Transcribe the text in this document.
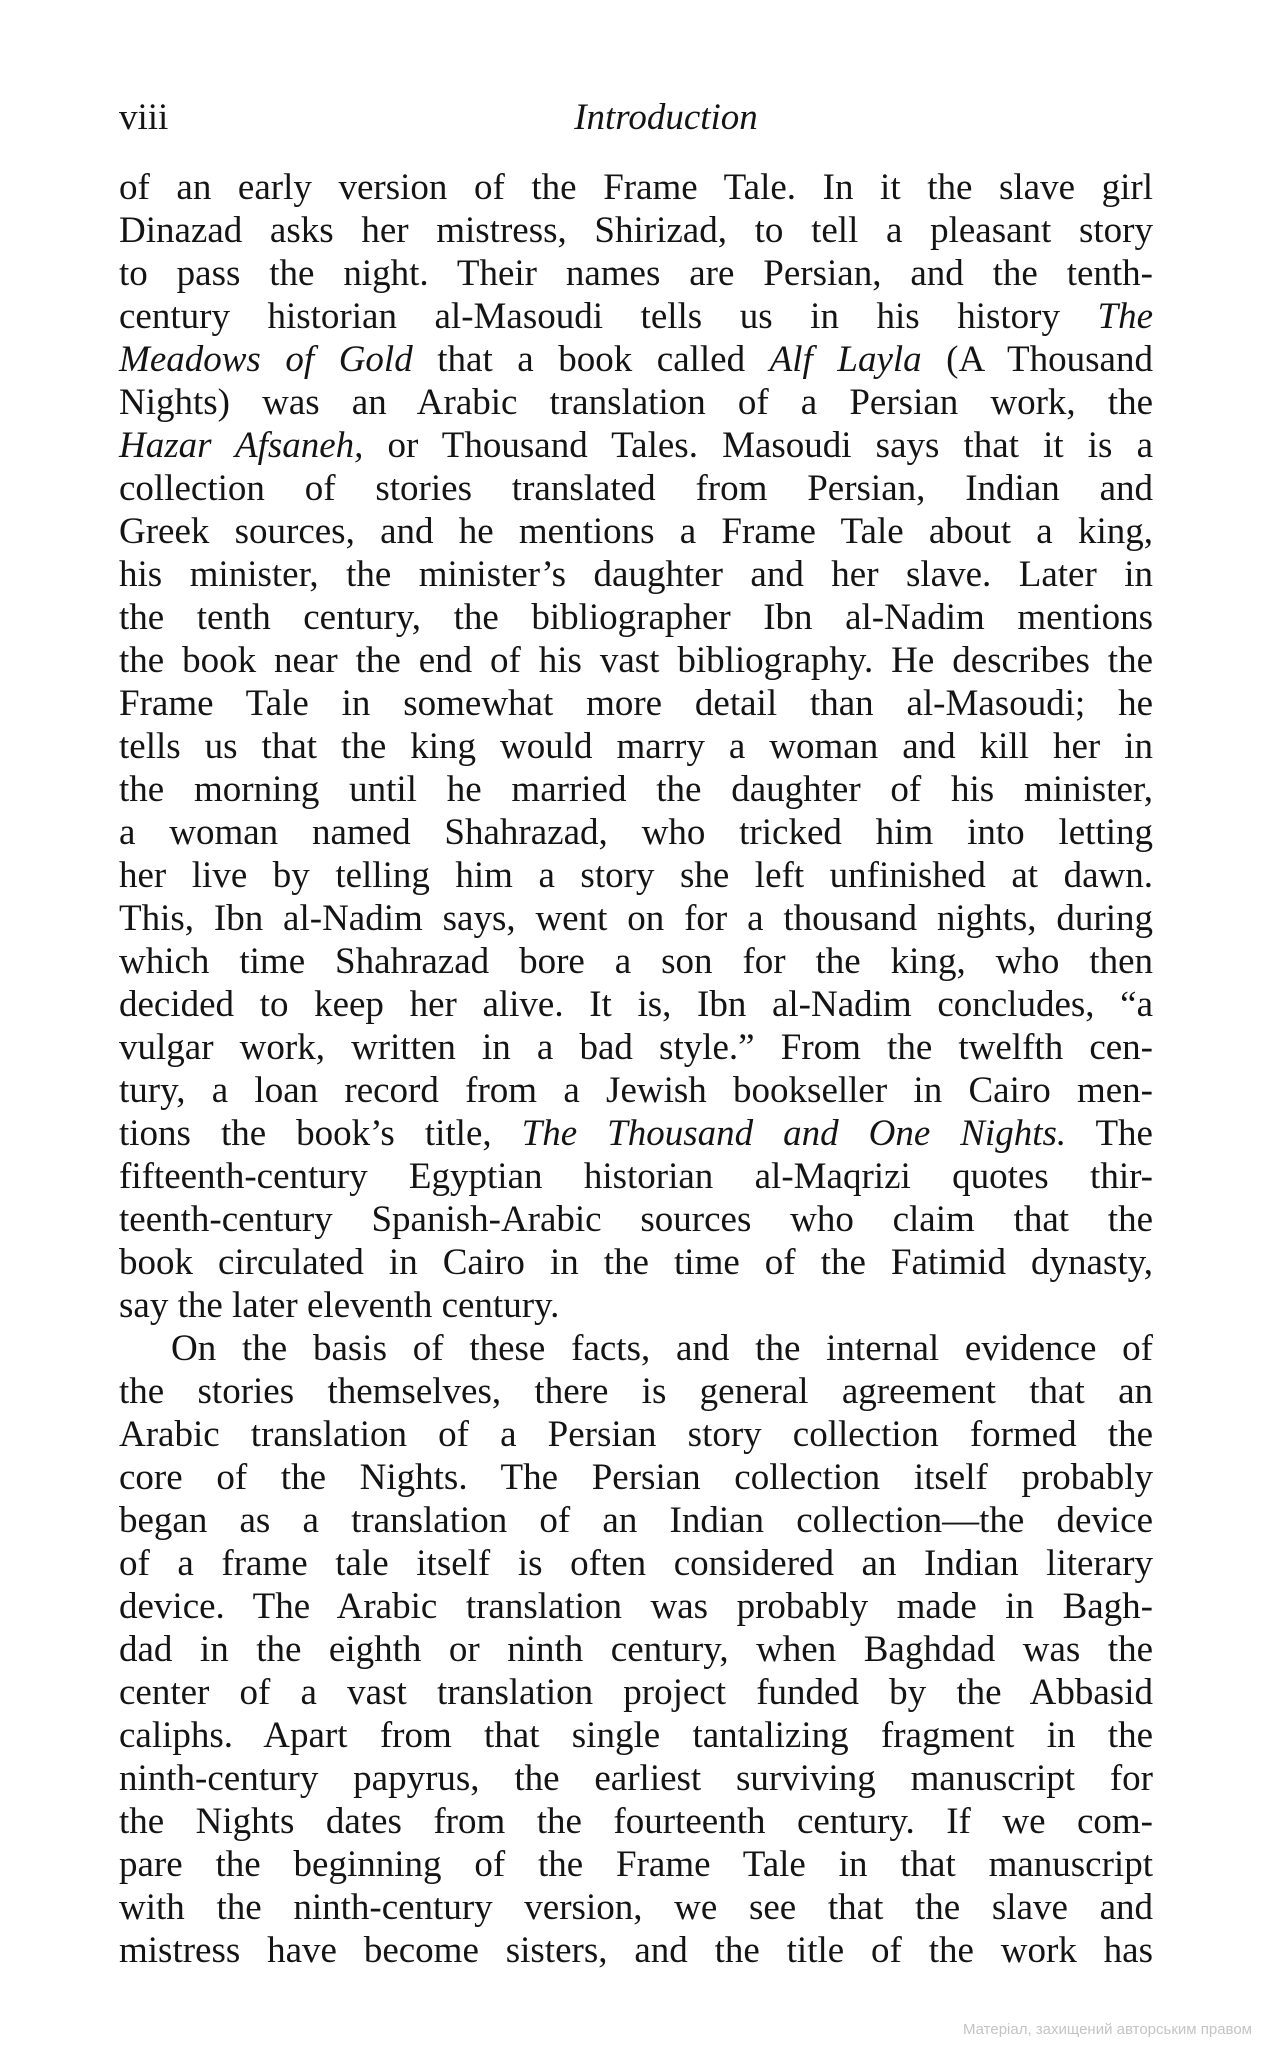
viii	Introduction
of an early version of the Frame Tale. In it the slave girl
Dinazad asks her mistress, Shirizad, to tell a pleasant story
to pass the night. Their names are Persian, and the tenth-
century historian al-Masoudi tells us in his history The
Meadows of Gold that a book called Alf Layla (A Thousand
Nights) was an Arabic translation of a Persian work, the
Hazar Afsaneh, or Thousand Tales. Masoudi says that it is a
collection of stories translated from Persian, Indian and
Greek sources, and he mentions a Frame Tale about a king,
his minister, the minister’s daughter and her slave. Later in
the tenth century, the bibliographer Ibn al-Nadim mentions
the book near the end of his vast bibliography. He describes the
Frame Tale in somewhat more detail than al-Masoudi; he
tells us that the king would marry a woman and kill her in
the morning until he married the daughter of his minister,
a woman named Shahrazad, who tricked him into letting
her live by telling him a story she left unfinished at dawn.
This, Ibn al-Nadim says, went on for a thousand nights, during
which time Shahrazad bore a son for the king, who then
decided to keep her alive. It is, Ibn al-Nadim concludes, “a
vulgar work, written in a bad style.” From the twelfth cen-
tury, a loan record from a Jewish bookseller in Cairo men-
tions the book’s title, The Thousand and One Nights. The
fifteenth-century Egyptian historian al-Maqrizi quotes thir-
teenth-century Spanish-Arabic sources who claim that the
book circulated in Cairo in the time of the Fatimid dynasty,
say the later eleventh century.
On the basis of these facts, and the internal evidence of
the stories themselves, there is general agreement that an
Arabic translation of a Persian story collection formed the
core of the Nights. The Persian collection itself probably
began as a translation of an Indian collection—the device
of a frame tale itself is often considered an Indian literary
device. The Arabic translation was probably made in Bagh-
dad in the eighth or ninth century, when Baghdad was the
center of a vast translation project funded by the Abbasid
caliphs. Apart from that single tantalizing fragment in the
ninth-century papyrus, the earliest surviving manuscript for
the Nights dates from the fourteenth century. If we com-
pare the beginning of the Frame Tale in that manuscript
with the ninth-century version, we see that the slave and
mistress have become sisters, and the title of the work has
Матеріал, захищений авторським правом
